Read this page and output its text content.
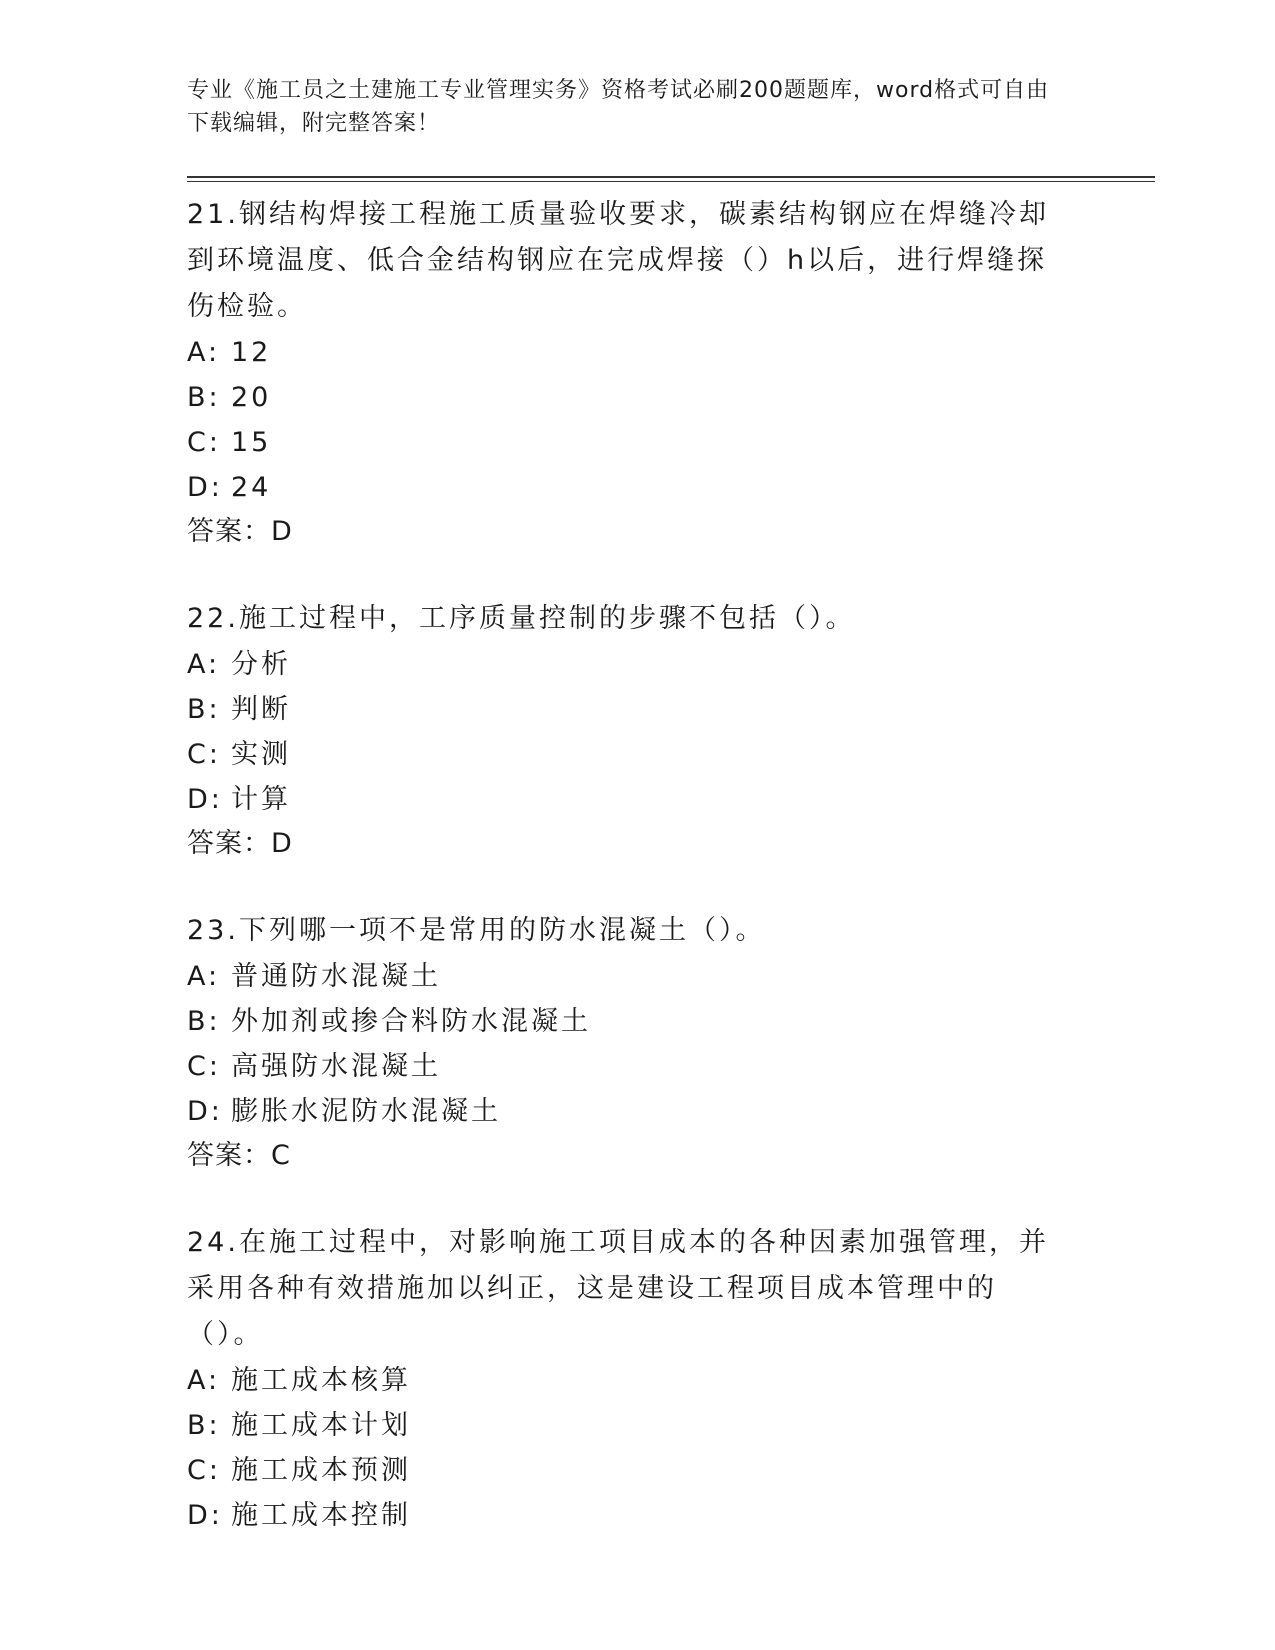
专业《施工员之土建施工专业管理实务》资格考试必刷200题题库，word格式可自由下载编辑，附完整答案！

21.钢结构焊接工程施工质量验收要求，碳素结构钢应在焊缝冷却到环境温度、低合金结构钢应在完成焊接（）h以后，进行焊缝探伤检验。

A: 12

B: 20

C: 15

D: 24

答案：D

22.施工过程中，工序质量控制的步骤不包括（）。

A: 分析

B: 判断

C: 实测

D: 计算

答案：D

23.下列哪一项不是常用的防水混凝土（）。

A: 普通防水混凝土

B: 外加剂或掺合料防水混凝土

C: 高强防水混凝土

D: 膨胀水泥防水混凝土

答案：C

24.在施工过程中，对影响施工项目成本的各种因素加强管理，并采用各种有效措施加以纠正，这是建设工程项目成本管理中的（）。

A: 施工成本核算

B: 施工成本计划

C: 施工成本预测

D: 施工成本控制
